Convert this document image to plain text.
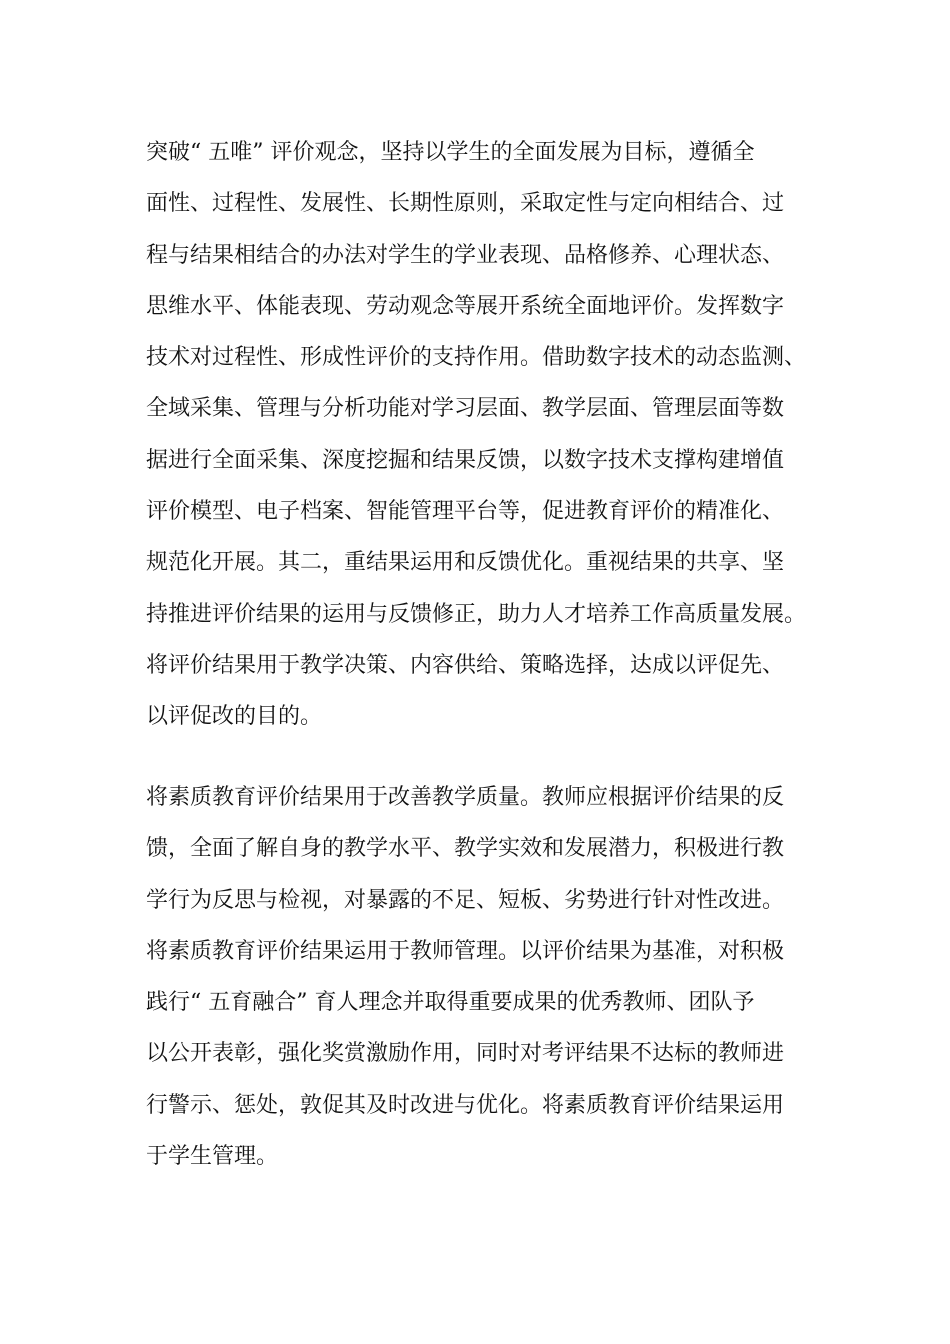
突破“ 五唯” 评价观念，坚持以学生的全面发展为目标，遵循全
面性、过程性、发展性、长期性原则，采取定性与定向相结合、过
程与结果相结合的办法对学生的学业表现、品格修养、心理状态、
思维水平、体能表现、劳动观念等展开系统全面地评价。发挥数字
技术对过程性、形成性评价的支持作用。借助数字技术的动态监测、
全域采集、管理与分析功能对学习层面、教学层面、管理层面等数
据进行全面采集、深度挖掘和结果反馈，以数字技术支撑构建增值
评价模型、电子档案、智能管理平台等，促进教育评价的精准化、
规范化开展。其二，重结果运用和反馈优化。重视结果的共享、坚
持推进评价结果的运用与反馈修正，助力人才培养工作高质量发展。
将评价结果用于教学决策、内容供给、策略选择，达成以评促先、
以评促改的目的。
将素质教育评价结果用于改善教学质量。教师应根据评价结果的反
馈，全面了解自身的教学水平、教学实效和发展潜力，积极进行教
学行为反思与检视，对暴露的不足、短板、劣势进行针对性改进。
将素质教育评价结果运用于教师管理。以评价结果为基准，对积极
践行“ 五育融合” 育人理念并取得重要成果的优秀教师、团队予
以公开表彰，强化奖赏激励作用，同时对考评结果不达标的教师进
行警示、惩处，敦促其及时改进与优化。将素质教育评价结果运用
于学生管理。
